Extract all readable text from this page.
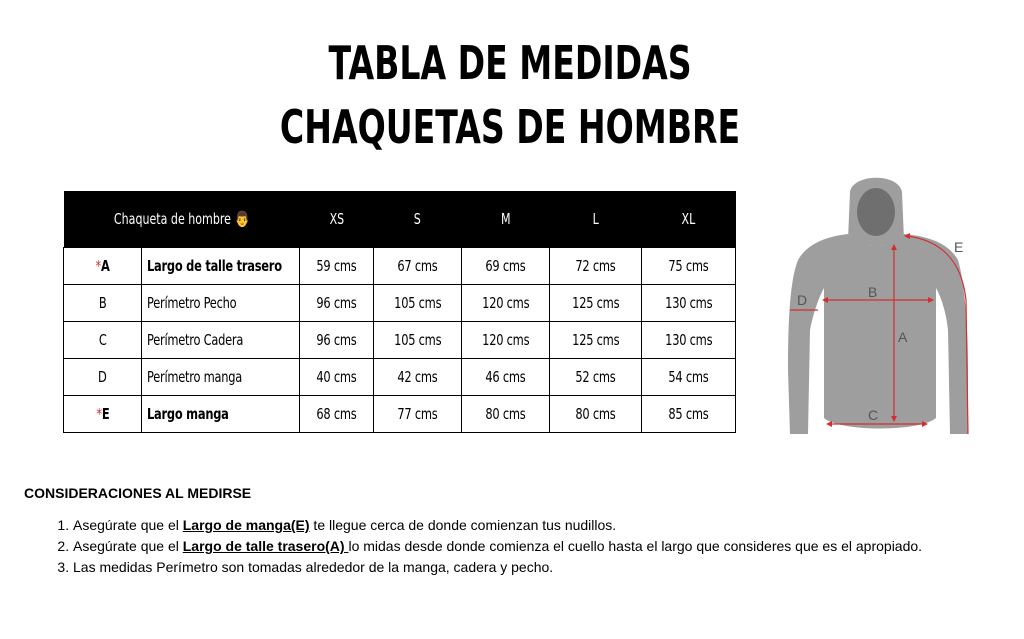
TABLA DE MEDIDAS
CHAQUETAS DE HOMBRE
Chaqueta de hombre 👨		XS	S	M	L	XL
*A	Largo de talle trasero	59 cms	67 cms	69 cms	72 cms	75 cms
B	Perímetro Pecho	96 cms	105 cms	120 cms	125 cms	130 cms
C	Perímetro Cadera	96 cms	105 cms	120 cms	125 cms	130 cms
D	Perímetro manga	40 cms	42 cms	46 cms	52 cms	54 cms
*E	Largo manga	68 cms	77 cms	80 cms	80 cms	85 cms
A
B
C
D
E
CONSIDERACIONES AL MEDIRSE
1. Asegúrate que el Largo de manga(E) te llegue cerca de donde comienzan tus nudillos.
2. Asegúrate que el Largo de talle trasero(A) lo midas desde donde comienza el cuello hasta el largo que consideres que es el apropiado.
3. Las medidas Perímetro son tomadas alrededor de la manga, cadera y pecho.
